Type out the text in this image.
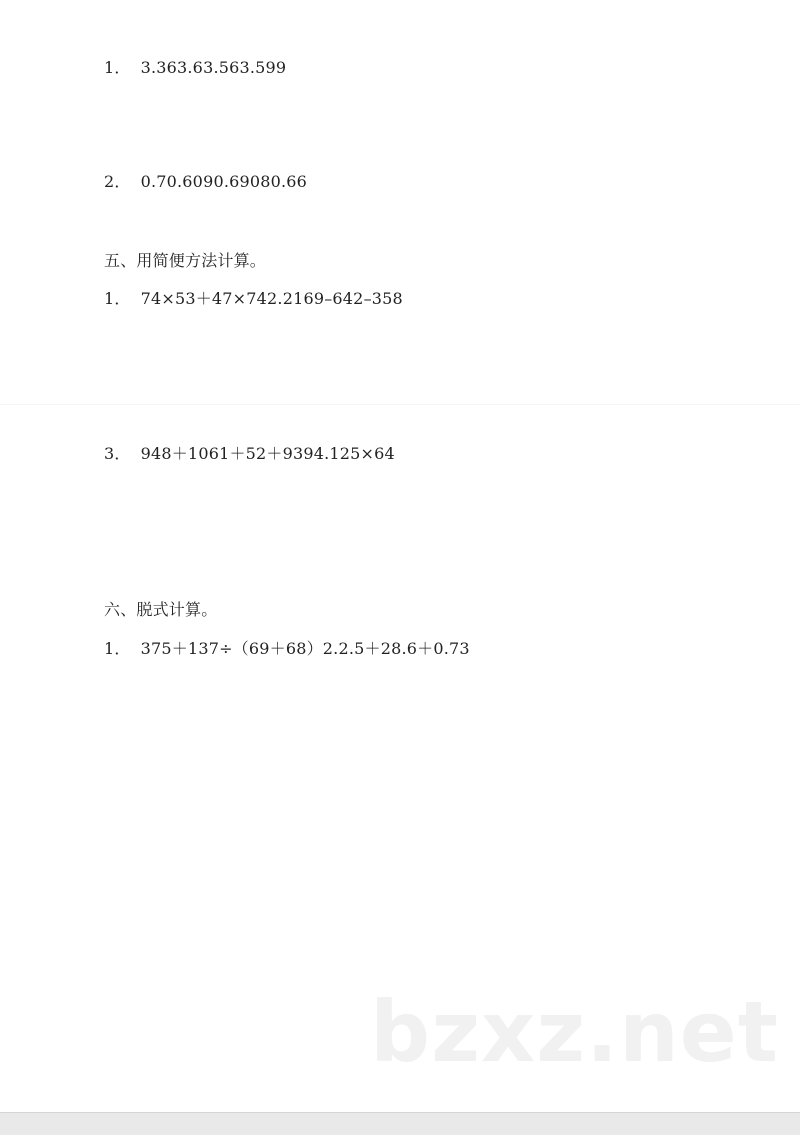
1． 3.363.63.563.599
2． 0.70.6090.69080.66
五、用简便方法计算。
1． 74×53＋47×742.2169–642–358
3． 948＋1061＋52＋9394.125×64
六、脱式计算。
1． 375＋137÷（69＋68）2.2.5＋28.6＋0.73
bzxz.net
